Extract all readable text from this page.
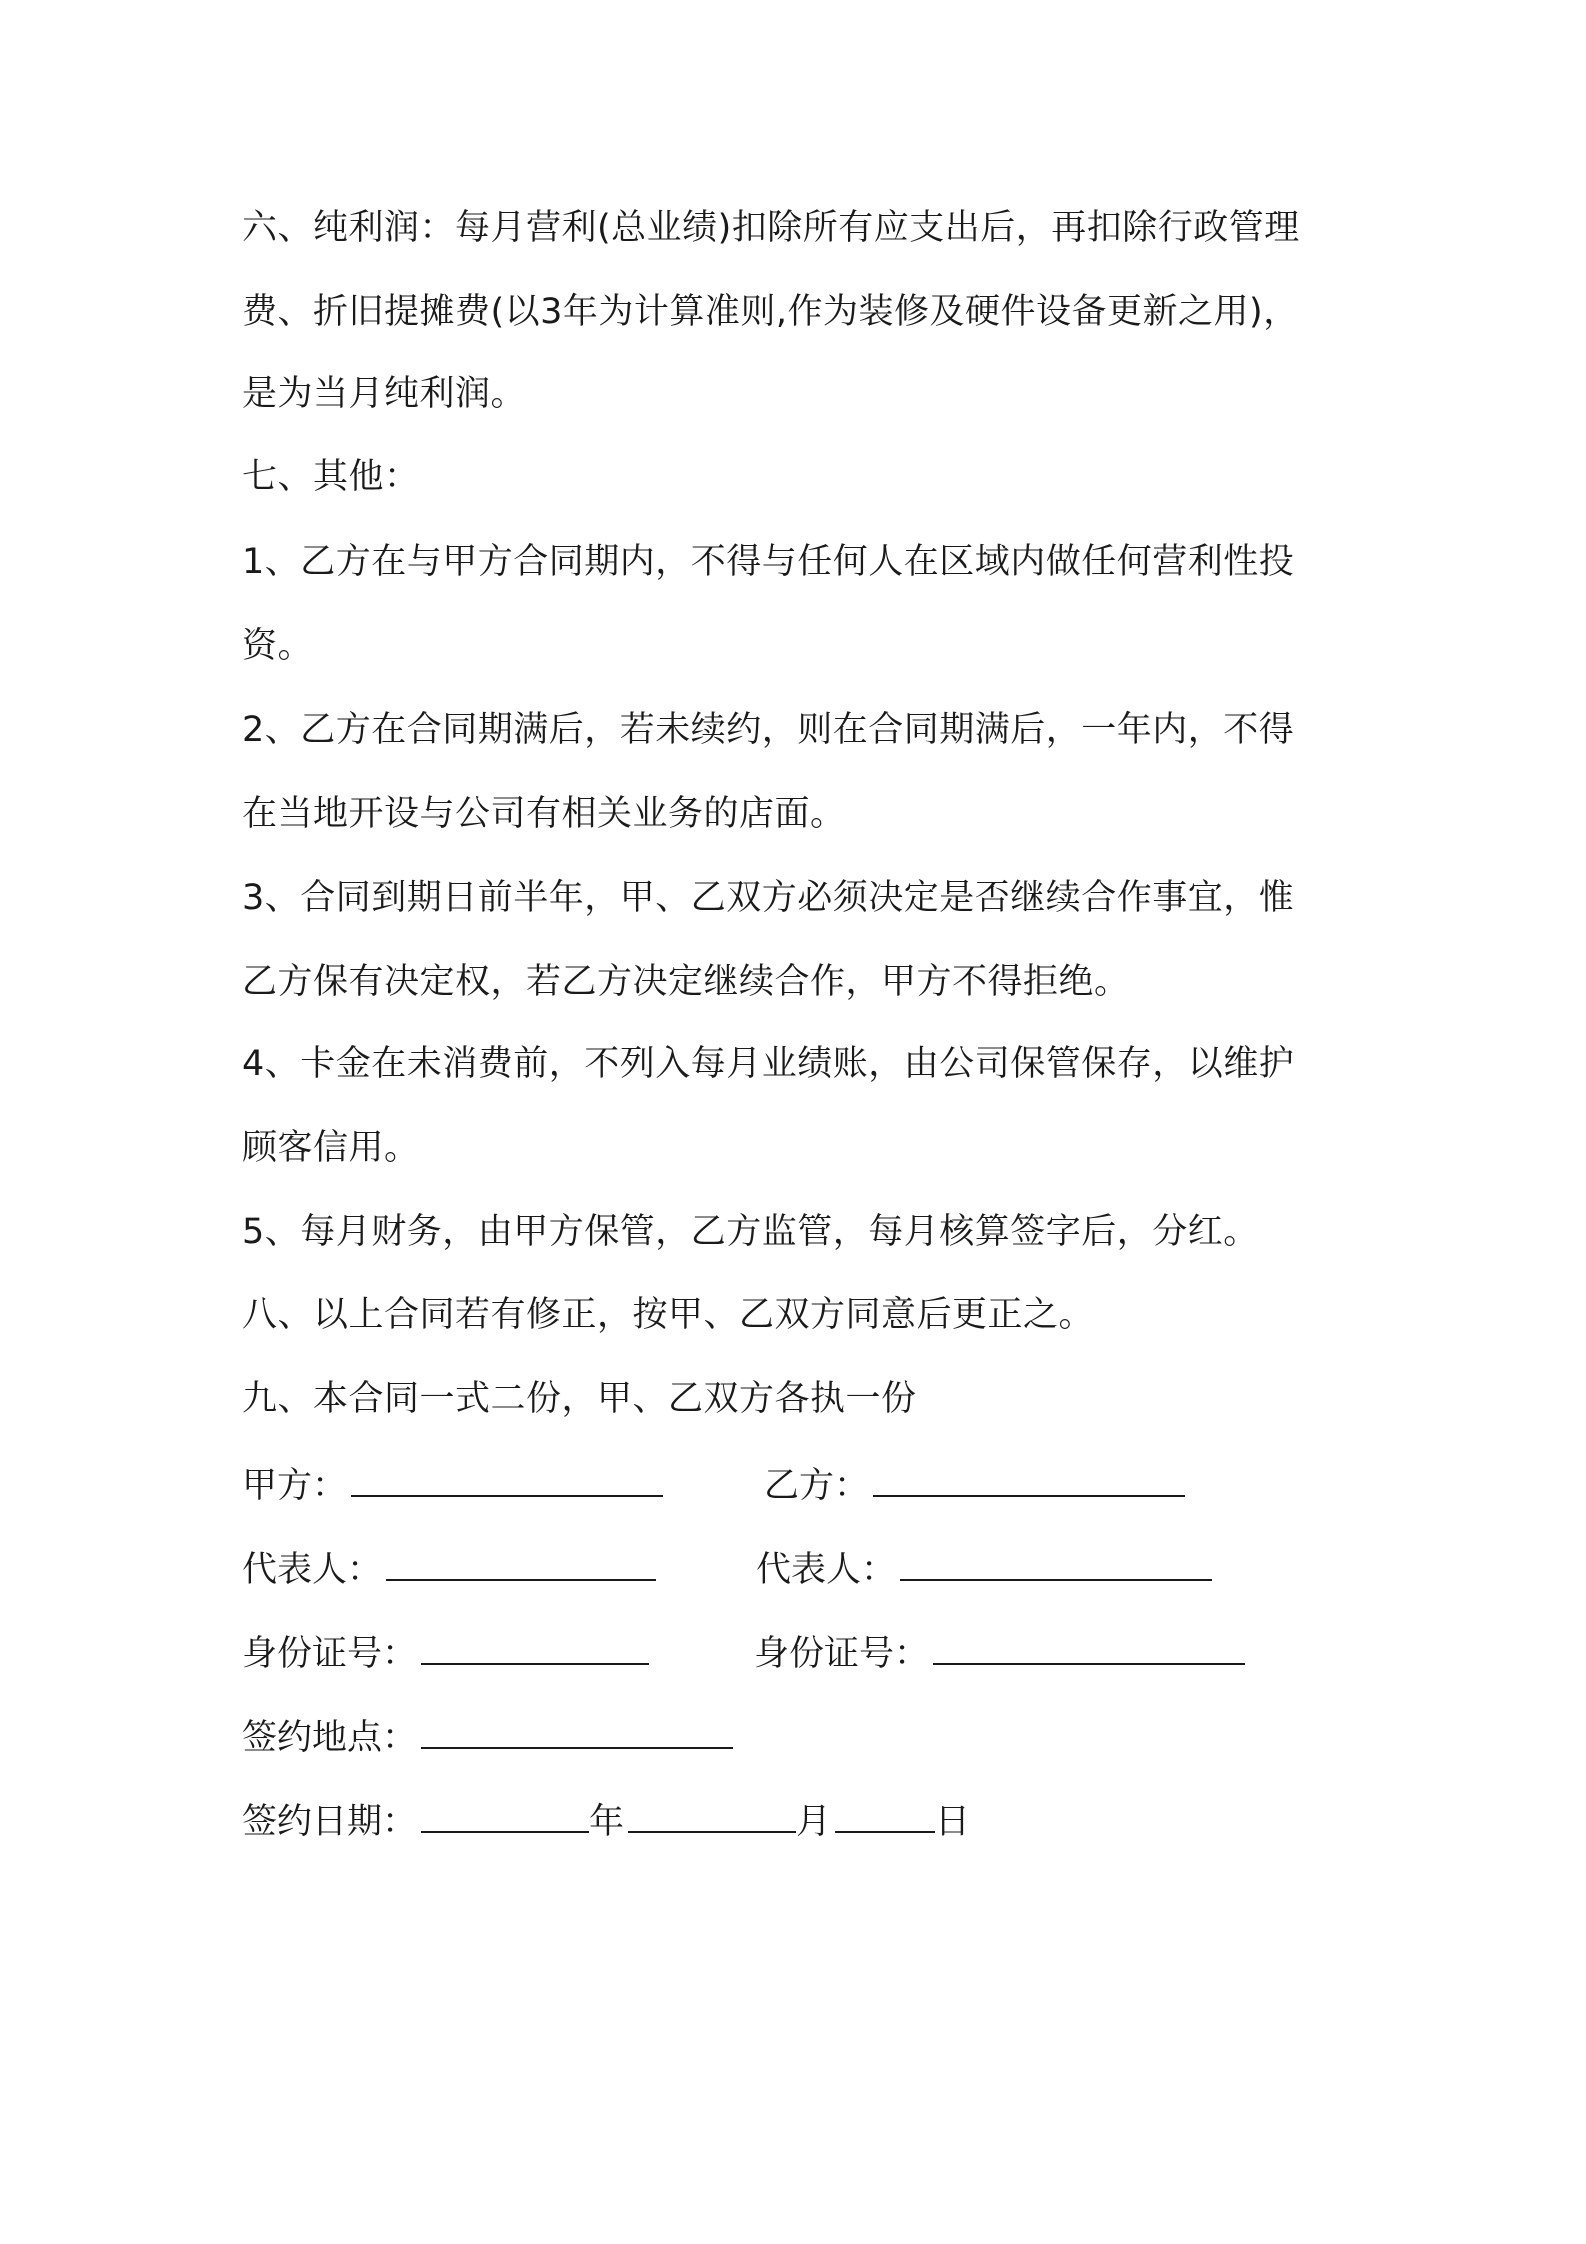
六、纯利润：每月营利(总业绩)扣除所有应支出后，再扣除行政管理
费、折旧提摊费(以3年为计算准则,作为装修及硬件设备更新之用)，
是为当月纯利润。
七、其他：
1、乙方在与甲方合同期内，不得与任何人在区域内做任何营利性投
资。
2、乙方在合同期满后，若未续约，则在合同期满后，一年内，不得
在当地开设与公司有相关业务的店面。
3、合同到期日前半年，甲、乙双方必须决定是否继续合作事宜，惟
乙方保有决定权，若乙方决定继续合作，甲方不得拒绝。
4、卡金在未消费前，不列入每月业绩账，由公司保管保存，以维护
顾客信用。
5、每月财务，由甲方保管，乙方监管，每月核算签字后，分红。
八、以上合同若有修正，按甲、乙双方同意后更正之。
九、本合同一式二份，甲、乙双方各执一份
甲方：	乙方：
代表人：	代表人：
身份证号：	身份证号：
签约地点：
签约日期：	年	月	日
